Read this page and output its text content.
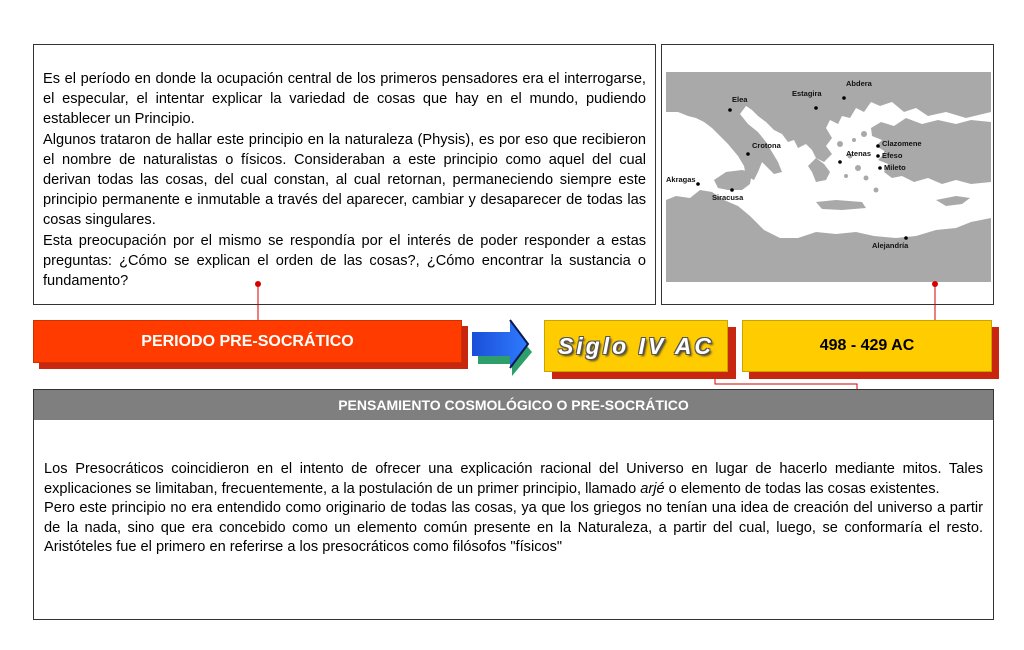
Es el período en donde la ocupación central de los primeros pensadores era el interrogarse, el especular, el intentar explicar la variedad de cosas que hay en el mundo, pudiendo establecer un Principio.

Algunos trataron de hallar este principio en la naturaleza (Physis), es por eso que recibieron el nombre de naturalistas o físicos. Consideraban a este principio como aquel del cual derivan todas las cosas, del cual constan, al cual retornan, permaneciendo siempre este principio permanente e inmutable a través del aparecer, cambiar y desaparecer de todas las cosas singulares.

Esta preocupación por el mismo se respondía por el interés de poder responder a estas preguntas: ¿Cómo se explican el orden de las cosas?, ¿Cómo encontrar la sustancia o fundamento?

Elea
Estagira
Abdera
Crotona	Clazomene
Éfeso
Atenas
Mileto
Akragas
Siracusa
Alejandría
PERIODO PRE-SOCRÁTICO	Siglo IV AC	498 - 429 AC
PENSAMIENTO COSMOLÓGICO O PRE-SOCRÁTICO

Los Presocráticos coincidieron en el intento de ofrecer una explicación racional del Universo en lugar de hacerlo mediante mitos. Tales explicaciones se limitaban, frecuentemente, a la postulación de un primer principio, llamado arjé o elemento de todas las cosas existentes.

Pero este principio no era entendido como originario de todas las cosas, ya que los griegos no tenían una idea de creación del universo a partir de la nada, sino que era concebido como un elemento común presente en la Naturaleza, a partir del cual, luego, se conformaría el resto. Aristóteles fue el primero en referirse a los presocráticos como filósofos "físicos"
